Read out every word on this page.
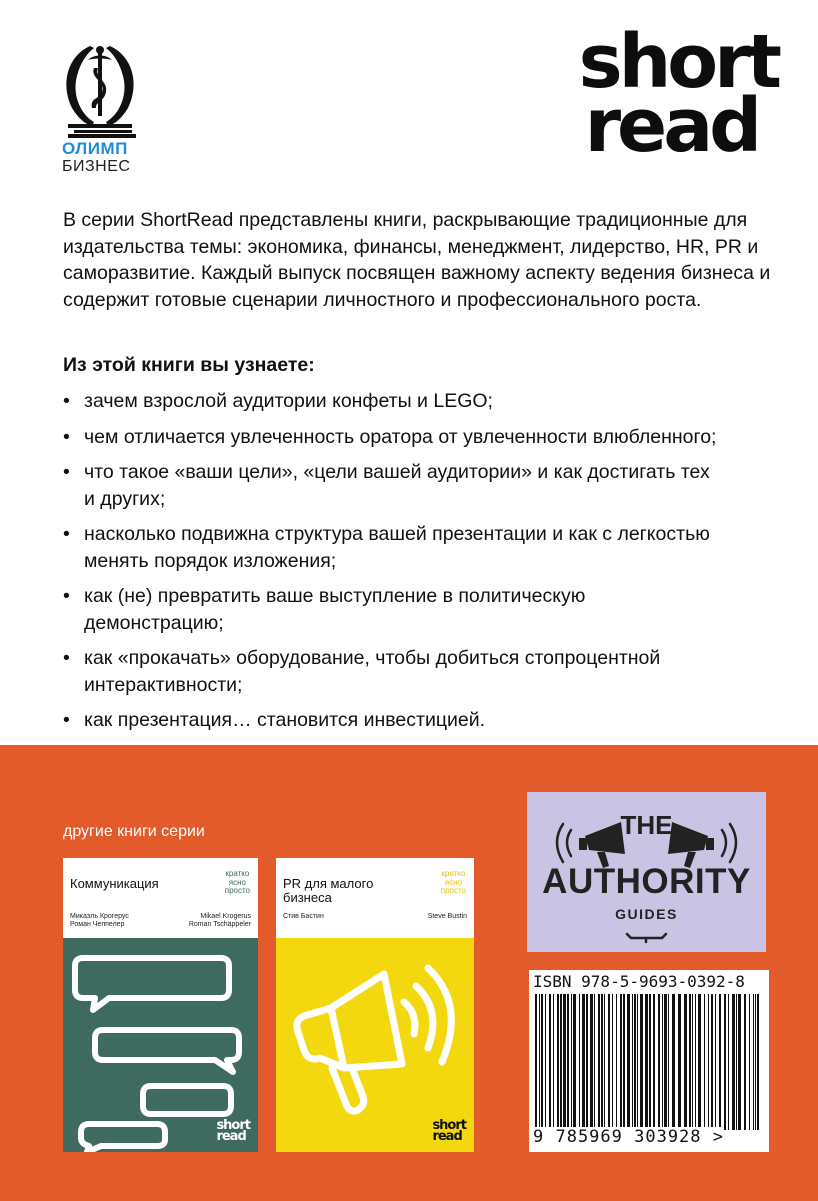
ОЛИМП
БИЗНЕС
short
read
В серии ShortRead представлены книги, раскрывающие традиционные для издательства темы: экономика, финансы, менеджмент, лидерство, HR, PR и саморазвитие. Каждый выпуск посвящен важному аспекту ведения бизнеса и содержит готовые сценарии личностного и профессионального роста.
Из этой книги вы узнаете:
• зачем взрослой аудитории конфеты и LEGO;
• чем отличается увлеченность оратора от увлеченности влюбленного;
• что такое «ваши цели», «цели вашей аудитории» и как достигать тех и других;
• насколько подвижна структура вашей презентации и как с легкостью менять порядок изложения;
• как (не) превратить ваше выступление в политическую демонстрацию;
• как «прокачать» оборудование, чтобы добиться стопроцентной интерактивности;
• как презентация… становится инвестицией.
другие книги серии
Коммуникация
кратко
ясно
просто
Микаэль Крогерус
Роман Чеппелер
Mikael Krogerus
Roman Tschäppeler
short
read
PR для малого бизнеса
кратко
ясно
просто
Стив Бастин	Steve Bustin
short
read
THE
AUTHORITY
GUIDES
ISBN 978-5-9693-0392-8
9 785969 303928 >
